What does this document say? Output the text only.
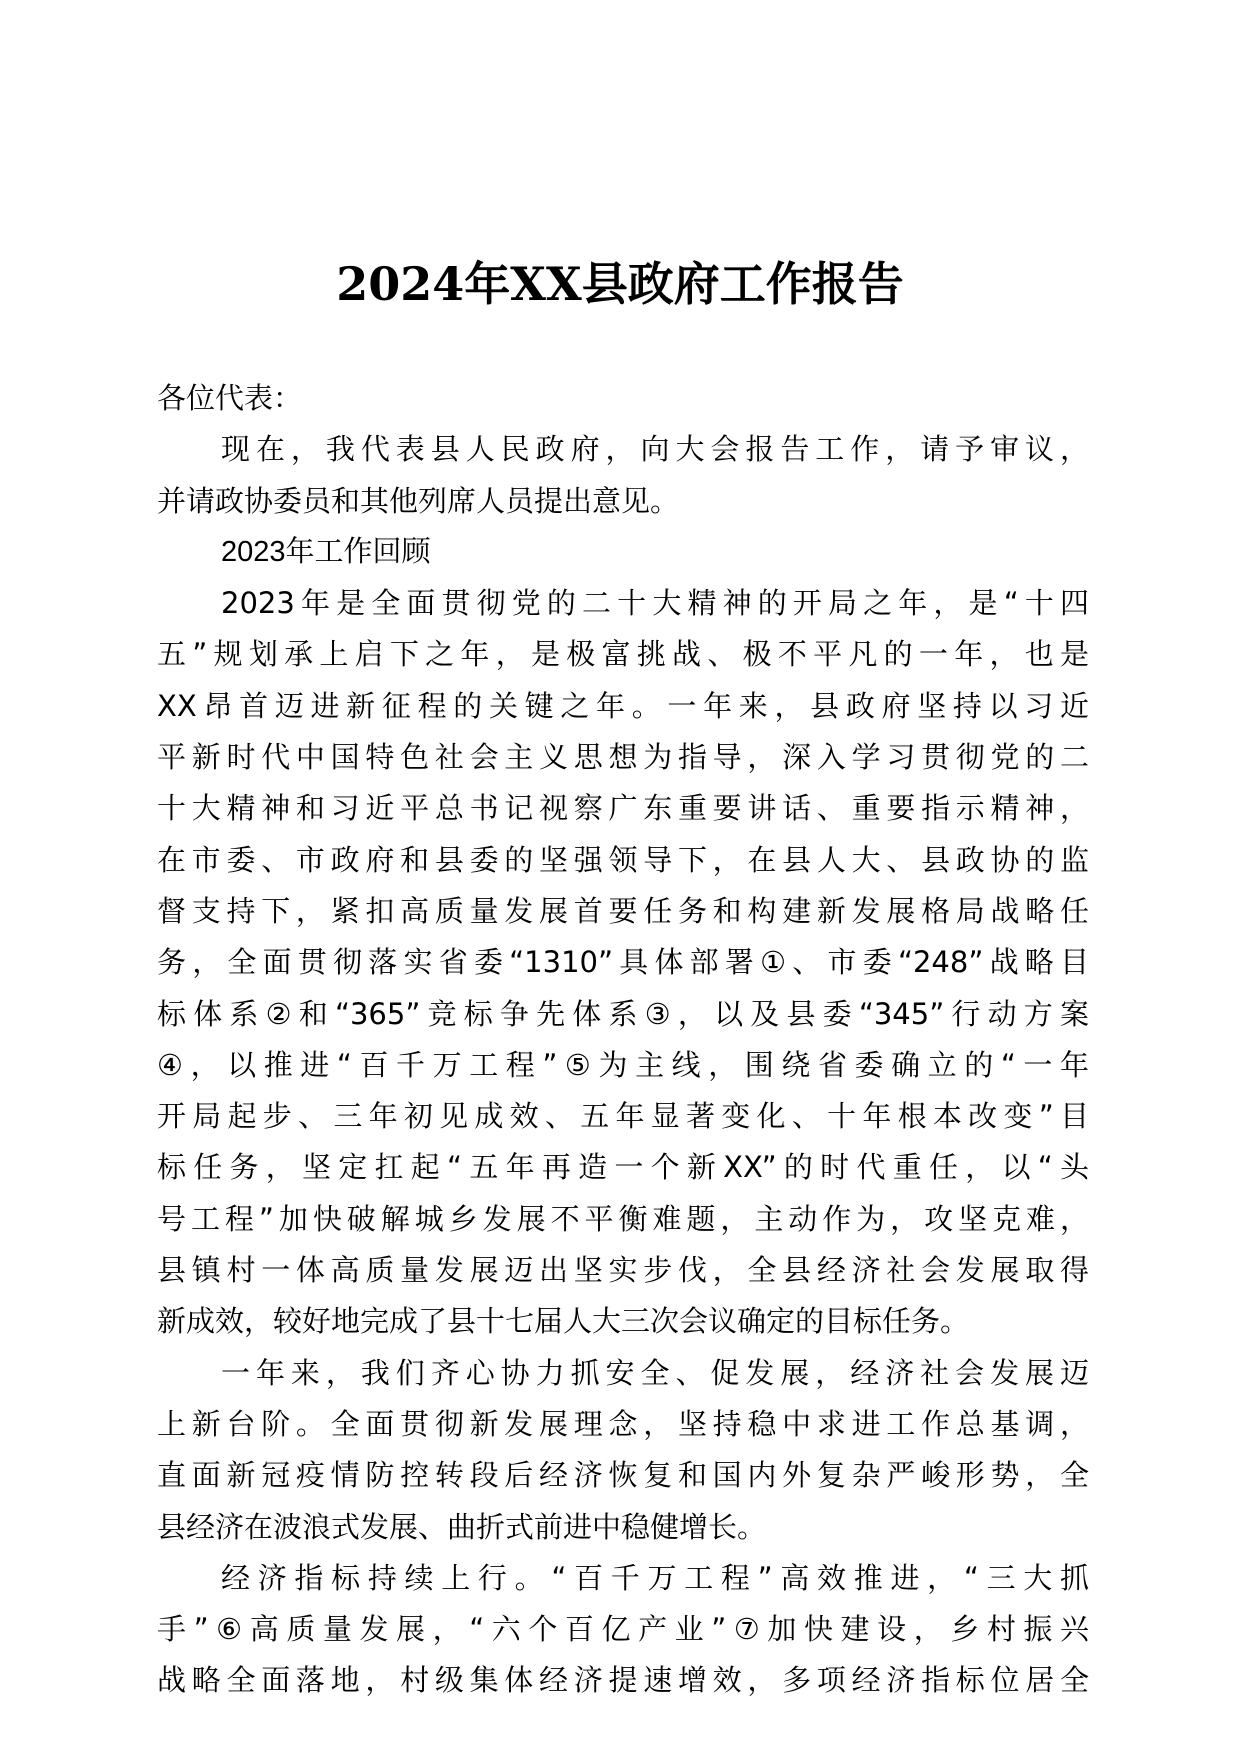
2024年XX县政府工作报告
各位代表：
现在，我代表县人民政府，向大会报告工作，请予审议，
并请政协委员和其他列席人员提出意见。
2023年工作回顾
2023年是全面贯彻党的二十大精神的开局之年，是“十四
五”规划承上启下之年，是极富挑战、极不平凡的一年，也是
XX昂首迈进新征程的关键之年。一年来，县政府坚持以习近
平新时代中国特色社会主义思想为指导，深入学习贯彻党的二
十大精神和习近平总书记视察广东重要讲话、重要指示精神，
在市委、市政府和县委的坚强领导下，在县人大、县政协的监
督支持下，紧扣高质量发展首要任务和构建新发展格局战略任
务，全面贯彻落实省委“1310”具体部署①、市委“248”战略目
标体系②和“365”竞标争先体系③，以及县委“345”行动方案
④，以推进“百千万工程”⑤为主线，围绕省委确立的“一年
开局起步、三年初见成效、五年显著变化、十年根本改变”目
标任务，坚定扛起“五年再造一个新XX”的时代重任，以“头
号工程”加快破解城乡发展不平衡难题，主动作为，攻坚克难，
县镇村一体高质量发展迈出坚实步伐，全县经济社会发展取得
新成效，较好地完成了县十七届人大三次会议确定的目标任务。
一年来，我们齐心协力抓安全、促发展，经济社会发展迈
上新台阶。全面贯彻新发展理念，坚持稳中求进工作总基调，
直面新冠疫情防控转段后经济恢复和国内外复杂严峻形势，全
县经济在波浪式发展、曲折式前进中稳健增长。
经济指标持续上行。“百千万工程”高效推进，“三大抓
手”⑥高质量发展，“六个百亿产业”⑦加快建设，乡村振兴
战略全面落地，村级集体经济提速增效，多项经济指标位居全
